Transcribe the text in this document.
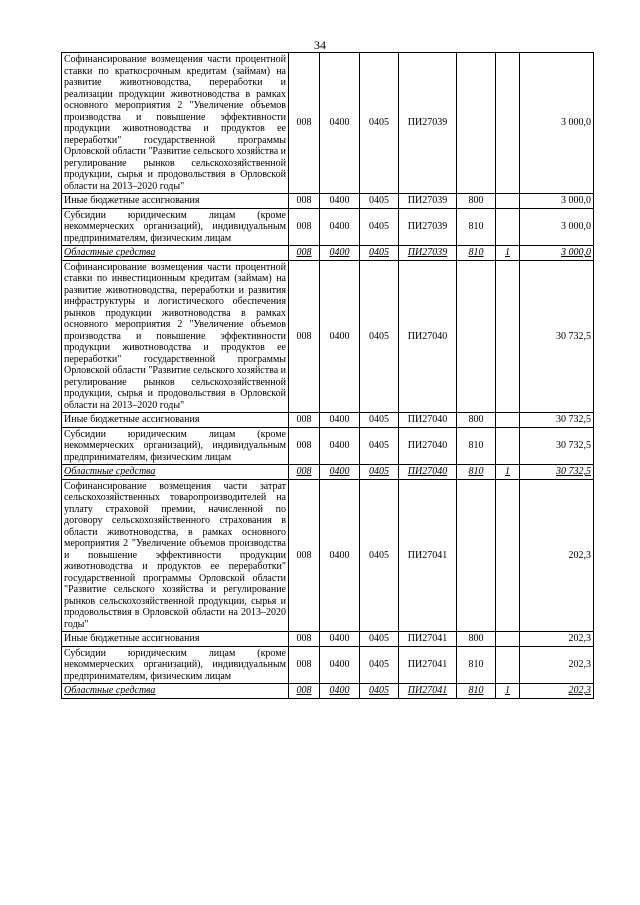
34
Софинансирование возмещения части процентной ставки по краткосрочным кредитам (займам) на развитие животноводства, переработки и реализации продукции животноводства в рамках основного мероприятия 2 "Увеличение объемов производства и повышение эффективности продукции животноводства и продуктов ее переработки" государственной программы Орловской области "Развитие сельского хозяйства и регулирование рынков сельскохозяйственной продукции, сырья и продовольствия в Орловской области на 2013–2020 годы"	008	0400	0405	ПИ27039			3 000,0
Иные бюджетные ассигнования	008	0400	0405	ПИ27039	800		3 000,0
Субсидии юридическим лицам (кроме некоммерческих организаций), индивидуальным предпринимателям, физическим лицам	008	0400	0405	ПИ27039	810		3 000,0
Областные средства	008	0400	0405	ПИ27039	810	1	3 000,0
Софинансирование возмещения части процентной ставки по инвестиционным кредитам (займам) на развитие животноводства, переработки и развития инфраструктуры и логистического обеспечения рынков продукции животноводства в рамках основного мероприятия 2 "Увеличение объемов производства и повышение эффективности продукции животноводства и продуктов ее переработки" государственной программы Орловской области "Развитие сельского хозяйства и регулирование рынков сельскохозяйственной продукции, сырья и продовольствия в Орловской области на 2013–2020 годы"	008	0400	0405	ПИ27040			30 732,5
Иные бюджетные ассигнования	008	0400	0405	ПИ27040	800		30 732,5
Субсидии юридическим лицам (кроме некоммерческих организаций), индивидуальным предпринимателям, физическим лицам	008	0400	0405	ПИ27040	810		30 732,5
Областные средства	008	0400	0405	ПИ27040	810	1	30 732,5
Софинансирование возмещения части затрат сельскохозяйственных товаропроизводителей на уплату страховой премии, начисленной по договору сельскохозяйственного страхования в области животноводства, в рамках основного мероприятия 2 "Увеличение объемов производства и повышение эффективности продукции животноводства и продуктов ее переработки" государственной программы Орловской области "Развитие сельского хозяйства и регулирование рынков сельскохозяйственной продукции, сырья и продовольствия в Орловской области на 2013–2020 годы"	008	0400	0405	ПИ27041			202,3
Иные бюджетные ассигнования	008	0400	0405	ПИ27041	800		202,3
Субсидии юридическим лицам (кроме некоммерческих организаций), индивидуальным предпринимателям, физическим лицам	008	0400	0405	ПИ27041	810		202,3
Областные средства	008	0400	0405	ПИ27041	810	1	202,3
